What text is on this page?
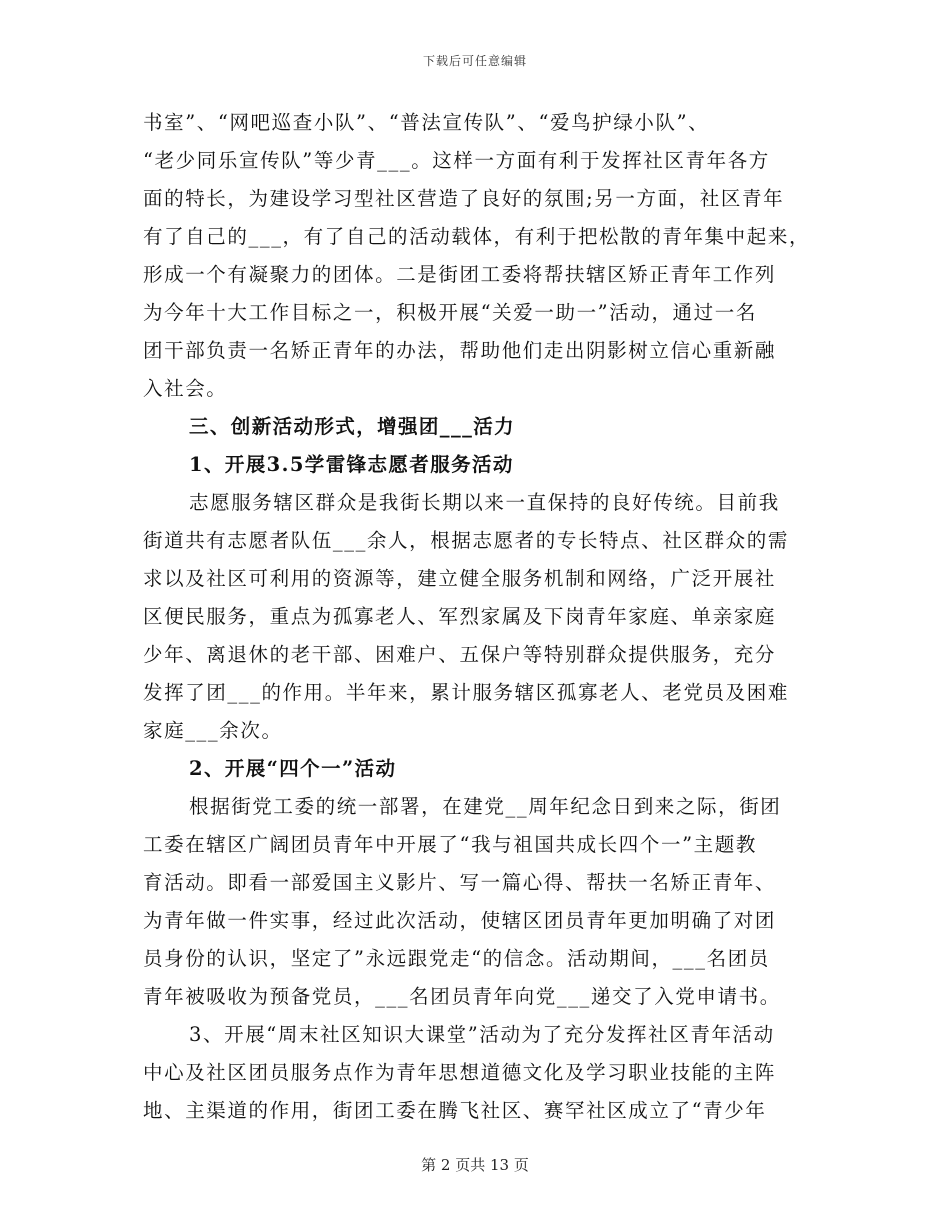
下载后可任意编辑
书室”、“网吧巡查小队”、“普法宣传队”、“爱鸟护绿小队”、
“老少同乐宣传队”等少青___。这样一方面有利于发挥社区青年各方
面的特长，为建设学习型社区营造了良好的氛围;另一方面，社区青年
有了自己的___，有了自己的活动载体，有利于把松散的青年集中起来，
形成一个有凝聚力的团体。二是街团工委将帮扶辖区矫正青年工作列
为今年十大工作目标之一，积极开展“关爱一助一”活动，通过一名
团干部负责一名矫正青年的办法，帮助他们走出阴影树立信心重新融
入社会。
三、创新活动形式，增强团___活力
1、开展3.5学雷锋志愿者服务活动
志愿服务辖区群众是我街长期以来一直保持的良好传统。目前我
街道共有志愿者队伍___余人，根据志愿者的专长特点、社区群众的需
求以及社区可利用的资源等，建立健全服务机制和网络，广泛开展社
区便民服务，重点为孤寡老人、军烈家属及下岗青年家庭、单亲家庭
少年、离退休的老干部、困难户、五保户等特别群众提供服务，充分
发挥了团___的作用。半年来，累计服务辖区孤寡老人、老党员及困难
家庭___余次。
2、开展“四个一”活动
根据街党工委的统一部署，在建党__周年纪念日到来之际，街团
工委在辖区广阔团员青年中开展了“我与祖国共成长四个一”主题教
育活动。即看一部爱国主义影片、写一篇心得、帮扶一名矫正青年、
为青年做一件实事，经过此次活动，使辖区团员青年更加明确了对团
员身份的认识，坚定了”永远跟党走“的信念。活动期间，___名团员
青年被吸收为预备党员，___名团员青年向党___递交了入党申请书。
3、开展“周末社区知识大课堂”活动为了充分发挥社区青年活动
中心及社区团员服务点作为青年思想道德文化及学习职业技能的主阵
地、主渠道的作用，街团工委在腾飞社区、赛罕社区成立了“青少年
第 2 页共 13 页
